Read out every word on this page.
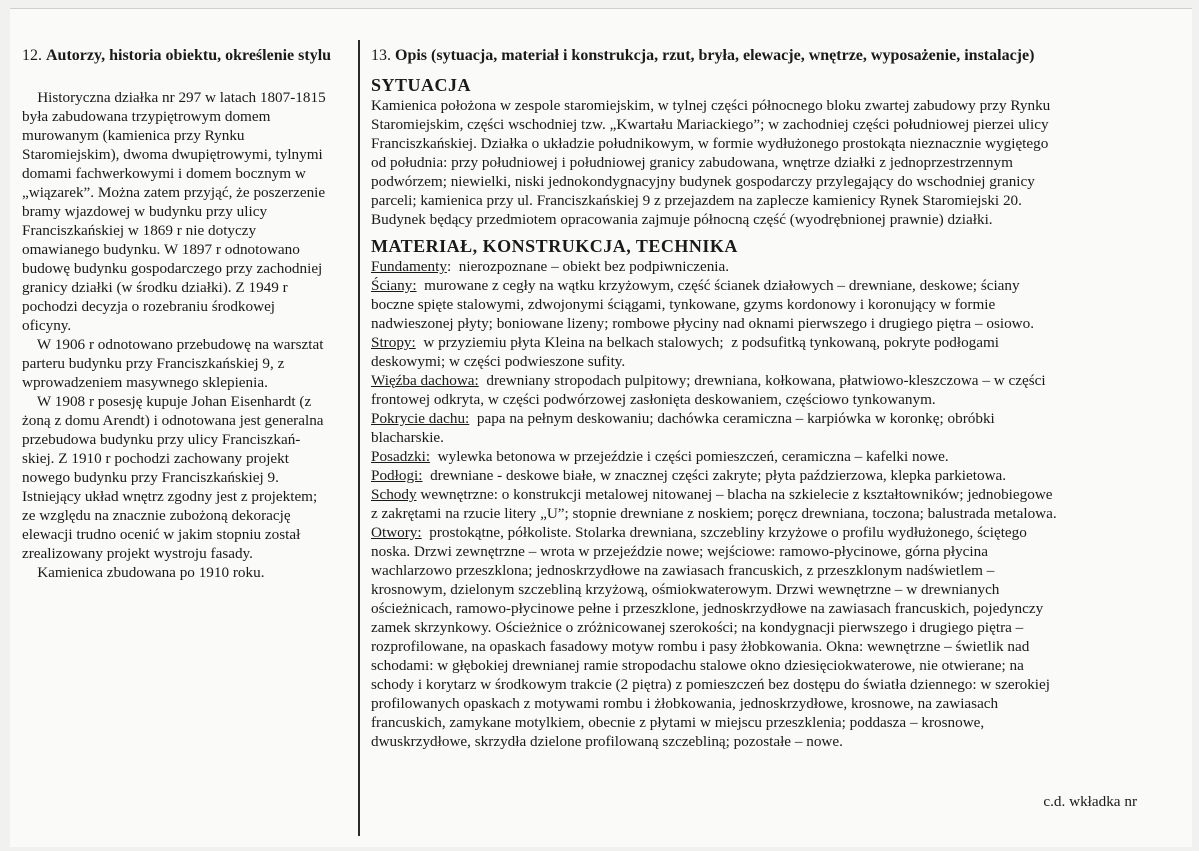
12. Autorzy, historia obiektu, określenie stylu
Historyczna działka nr 297 w latach 1807-1815
była zabudowana trzypiętrowym domem
murowanym (kamienica przy Rynku
Staromiejskim), dwoma dwupiętrowymi, tylnymi
domami fachwerkowymi i domem bocznym w
„wiązarek”. Można zatem przyjąć, że poszerzenie
bramy wjazdowej w budynku przy ulicy
Franciszkańskiej w 1869 r nie dotyczy
omawianego budynku. W 1897 r odnotowano
budowę budynku gospodarczego przy zachodniej
granicy działki (w środku działki). Z 1949 r
pochodzi decyzja o rozebraniu środkowej
oficyny.
W 1906 r odnotowano przebudowę na warsztat
parteru budynku przy Franciszkańskiej 9, z
wprowadzeniem masywnego sklepienia.
W 1908 r posesję kupuje Johan Eisenhardt (z
żoną z domu Arendt) i odnotowana jest generalna
przebudowa budynku przy ulicy Franciszkań-
skiej. Z 1910 r pochodzi zachowany projekt
nowego budynku przy Franciszkańskiej 9.
Istniejący układ wnętrz zgodny jest z projektem;
ze względu na znacznie zubożoną dekorację
elewacji trudno ocenić w jakim stopniu został
zrealizowany projekt wystroju fasady.
Kamienica zbudowana po 1910 roku.
13. Opis (sytuacja, materiał i konstrukcja, rzut, bryła, elewacje, wnętrze, wyposażenie, instalacje)
SYTUACJA
Kamienica położona w zespole staromiejskim, w tylnej części północnego bloku zwartej zabudowy przy Rynku
Staromiejskim, części wschodniej tzw. „Kwartału Mariackiego”; w zachodniej części południowej pierzei ulicy
Franciszkańskiej. Działka o układzie południkowym, w formie wydłużonego prostokąta nieznacznie wygiętego
od południa: przy południowej i południowej granicy zabudowana, wnętrze działki z jednoprzestrzennym
podwórzem; niewielki, niski jednokondygnacyjny budynek gospodarczy przylegający do wschodniej granicy
parceli; kamienica przy ul. Franciszkańskiej 9 z przejazdem na zaplecze kamienicy Rynek Staromiejski 20.
Budynek będący przedmiotem opracowania zajmuje północną część (wyodrębnionej prawnie) działki.
MATERIAŁ, KONSTRUKCJA, TECHNIKA
Fundamenty:  nierozpoznane – obiekt bez podpiwniczenia.
Ściany:  murowane z cegły na wątku krzyżowym, część ścianek działowych – drewniane, deskowe; ściany
boczne spięte stalowymi, zdwojonymi ściągami, tynkowane, gzyms kordonowy i koronujący w formie
nadwieszonej płyty; boniowane lizeny; rombowe płyciny nad oknami pierwszego i drugiego piętra – osiowo.
Stropy:  w przyziemiu płyta Kleina na belkach stalowych;  z podsufitką tynkowaną, pokryte podłogami
deskowymi; w części podwieszone sufity.
Więźba dachowa:  drewniany stropodach pulpitowy; drewniana, kołkowana, płatwiowo-kleszczowa – w części
frontowej odkryta, w części podwórzowej zasłonięta deskowaniem, częściowo tynkowanym.
Pokrycie dachu:  papa na pełnym deskowaniu; dachówka ceramiczna – karpiówka w koronkę; obróbki
blacharskie.
Posadzki:  wylewka betonowa w przejeździe i części pomieszczeń, ceramiczna – kafelki nowe.
Podłogi:  drewniane - deskowe białe, w znacznej części zakryte; płyta paździerzowa, klepka parkietowa.
Schody wewnętrzne: o konstrukcji metalowej nitowanej – blacha na szkielecie z kształtowników; jednobiegowe
z zakrętami na rzucie litery „U”; stopnie drewniane z noskiem; poręcz drewniana, toczona; balustrada metalowa.
Otwory:  prostokątne, półkoliste. Stolarka drewniana, szczebliny krzyżowe o profilu wydłużonego, ściętego
noska. Drzwi zewnętrzne – wrota w przejeździe nowe; wejściowe: ramowo-płycinowe, górna płycina
wachlarzowo przeszklona; jednoskrzydłowe na zawiasach francuskich, z przeszklonym nadświetlem –
krosnowym, dzielonym szczebliną krzyżową, ośmiokwaterowym. Drzwi wewnętrzne – w drewnianych
ościeżnicach, ramowo-płycinowe pełne i przeszklone, jednoskrzydłowe na zawiasach francuskich, pojedynczy
zamek skrzynkowy. Ościeżnice o zróżnicowanej szerokości; na kondygnacji pierwszego i drugiego piętra –
rozprofilowane, na opaskach fasadowy motyw rombu i pasy żłobkowania. Okna: wewnętrzne – świetlik nad
schodami: w głębokiej drewnianej ramie stropodachu stalowe okno dziesięciokwaterowe, nie otwierane; na
schody i korytarz w środkowym trakcie (2 piętra) z pomieszczeń bez dostępu do światła dziennego: w szerokiej
profilowanych opaskach z motywami rombu i żłobkowania, jednoskrzydłowe, krosnowe, na zawiasach
francuskich, zamykane motylkiem, obecnie z płytami w miejscu przeszklenia; poddasza – krosnowe,
dwuskrzydłowe, skrzydła dzielone profilowaną szczebliną; pozostałe – nowe.
c.d. wkładka nr
